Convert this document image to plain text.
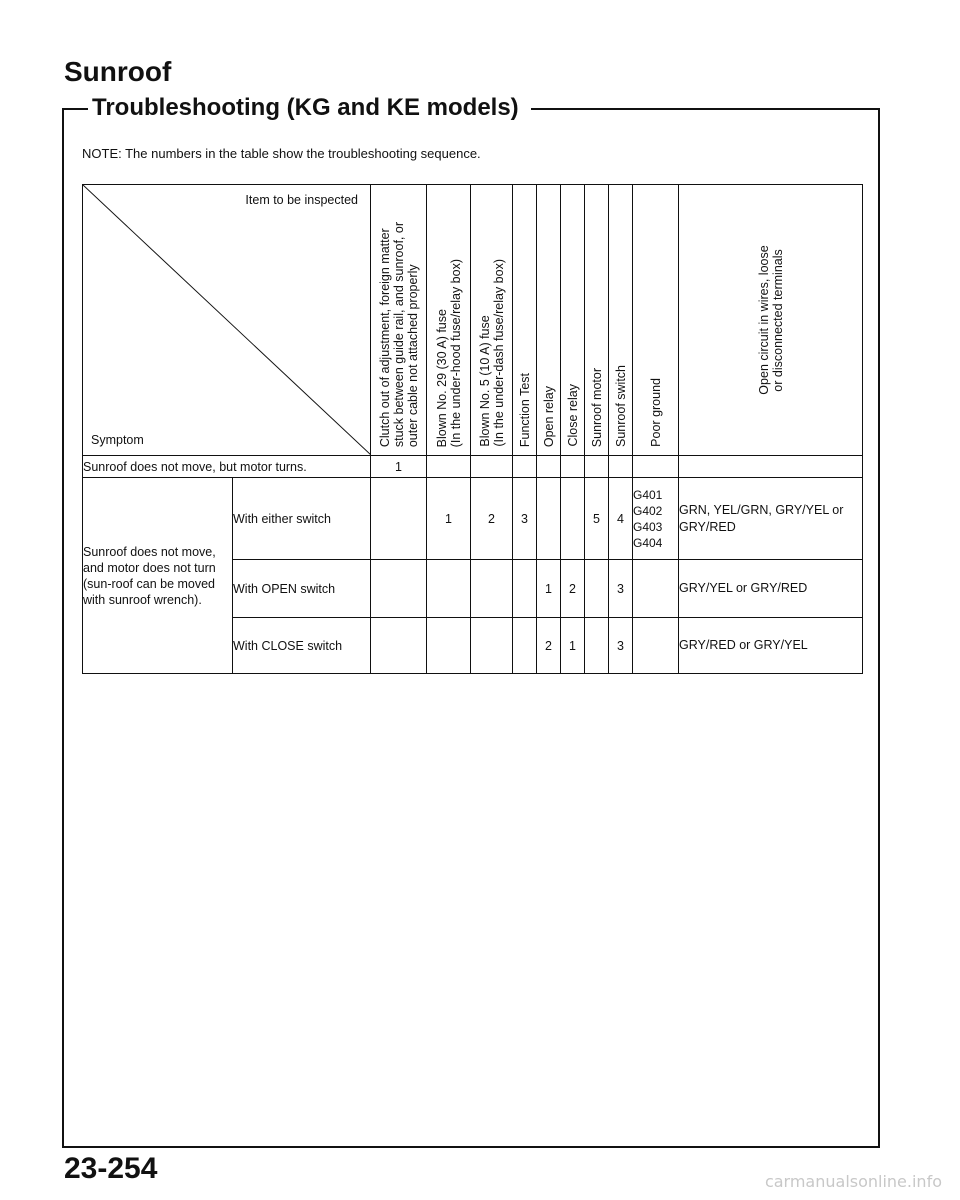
Sunroof
Troubleshooting (KG and KE models)

NOTE: The numbers in the table show the troubleshooting sequence.

Item to be inspected
Symptom		Clutch out of adjustment, foreign matter
stuck between guide rail, and sunroof, or
outer cable not attached properly	Blown No. 29 (30 A) fuse
(In the under-hood fuse/relay box)	Blown No. 5 (10 A) fuse
(In the under-dash fuse/relay box)	Function Test	Open relay	Close relay	Sunroof motor	Sunroof switch	Poor ground	Open circuit in wires, loose
or disconnected terminals

Sunroof does not move, but motor turns.		1									
Sunroof does not move, and motor does not turn (sun-roof can be moved with sunroof wrench).	With either switch		1	2	3			5	4	G401
G402
G403
G404	GRN, YEL/GRN, GRY/YEL or GRY/RED
	With OPEN switch					1	2		3		GRY/YEL or GRY/RED
	With CLOSE switch					2	1		3		GRY/RED or GRY/YEL

23-254	carmanualsonline.info
